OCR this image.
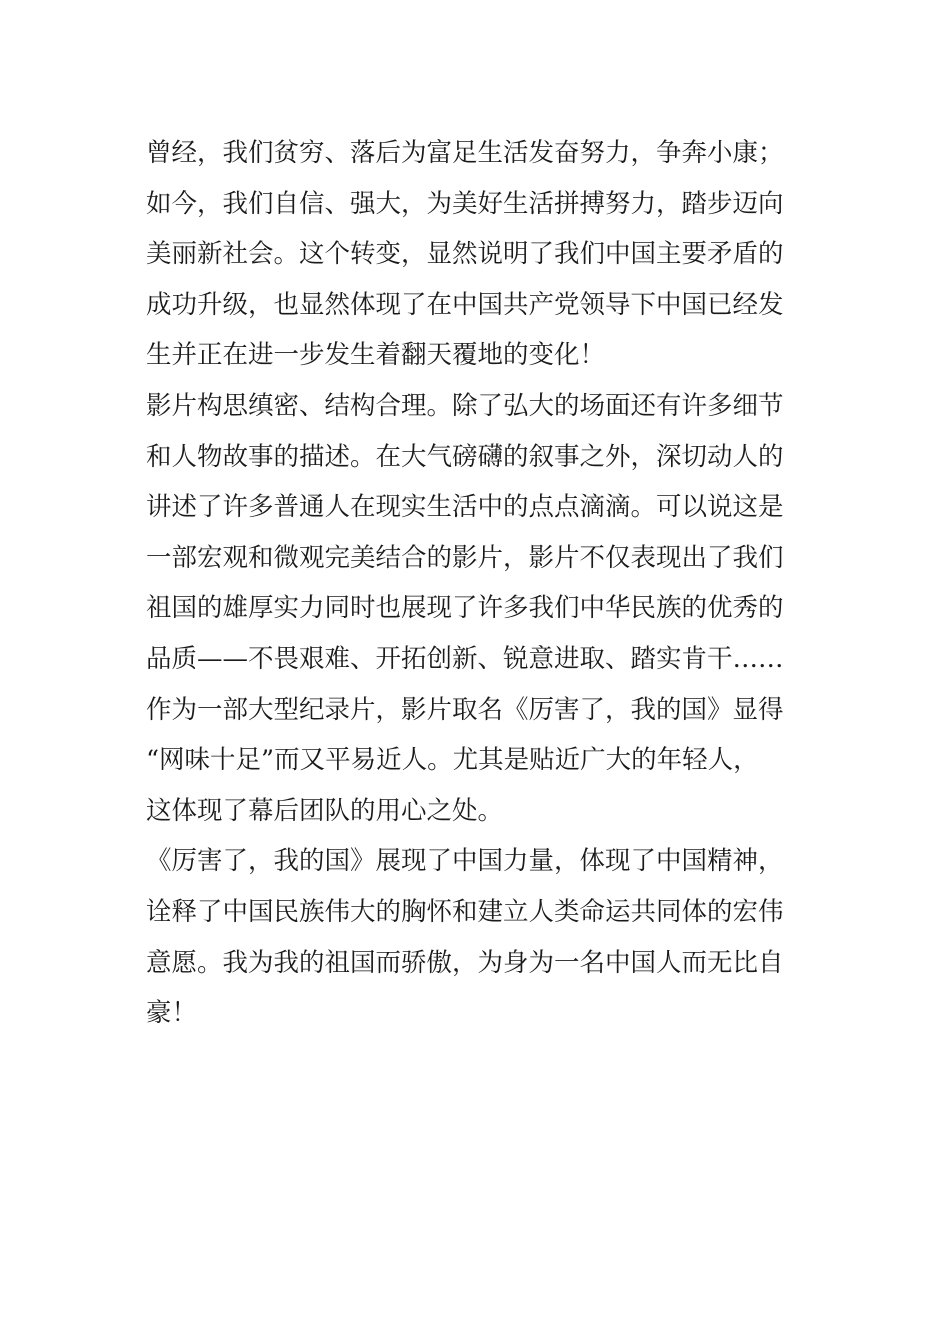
曾经，我们贫穷、落后为富足生活发奋努力，争奔小康；
如今，我们自信、强大，为美好生活拼搏努力，踏步迈向
美丽新社会。这个转变，显然说明了我们中国主要矛盾的
成功升级，也显然体现了在中国共产党领导下中国已经发
生并正在进一步发生着翻天覆地的变化！
影片构思缜密、结构合理。除了弘大的场面还有许多细节
和人物故事的描述。在大气磅礴的叙事之外，深切动人的
讲述了许多普通人在现实生活中的点点滴滴。可以说这是
一部宏观和微观完美结合的影片，影片不仅表现出了我们
祖国的雄厚实力同时也展现了许多我们中华民族的优秀的
品质——不畏艰难、开拓创新、锐意进取、踏实肯干……
作为一部大型纪录片，影片取名《厉害了，我的国》显得
“网味十足”而又平易近人。尤其是贴近广大的年轻人，
这体现了幕后团队的用心之处。
《厉害了，我的国》展现了中国力量，体现了中国精神，
诠释了中国民族伟大的胸怀和建立人类命运共同体的宏伟
意愿。我为我的祖国而骄傲，为身为一名中国人而无比自
豪！
